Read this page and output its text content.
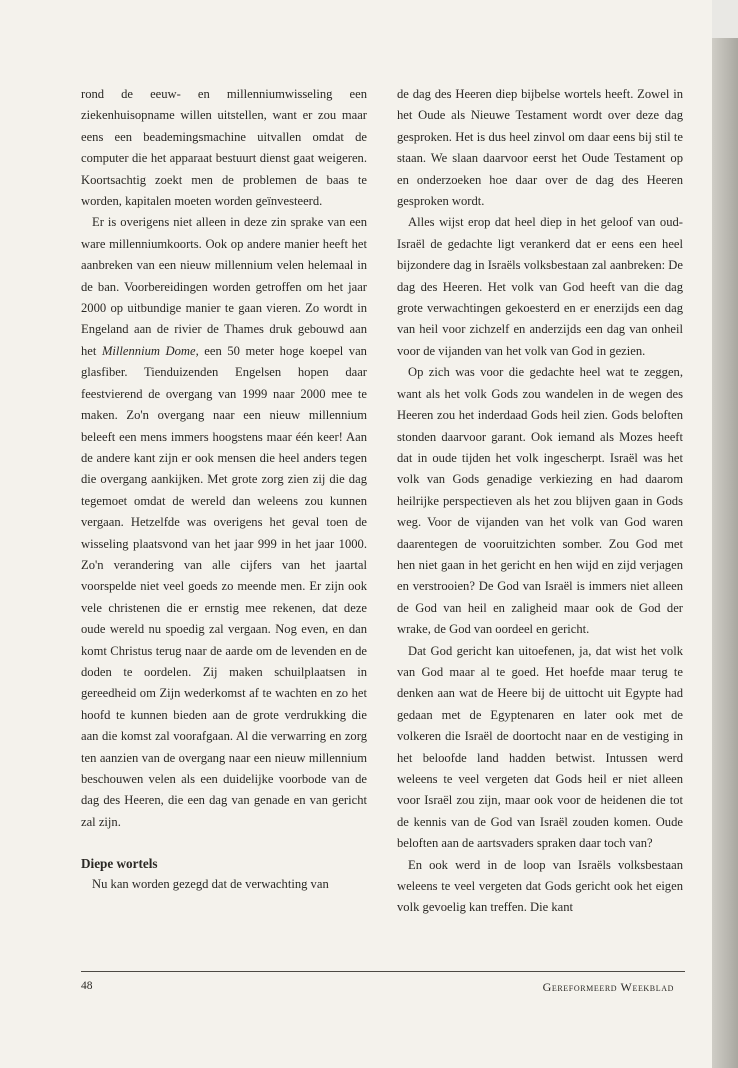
rond de eeuw- en millenniumwisseling een ziekenhuisopname willen uitstellen, want er zou maar eens een beademingsmachine uitvallen omdat de computer die het apparaat bestuurt dienst gaat weigeren. Koortsachtig zoekt men de problemen de baas te worden, kapitalen moeten worden geïnvesteerd.

Er is overigens niet alleen in deze zin sprake van een ware millenniumkoorts. Ook op andere manier heeft het aanbreken van een nieuw millennium velen helemaal in de ban. Voorbereidingen worden getroffen om het jaar 2000 op uitbundige manier te gaan vieren. Zo wordt in Engeland aan de rivier de Thames druk gebouwd aan het Millennium Dome, een 50 meter hoge koepel van glasfiber. Tienduizenden Engelsen hopen daar feestvierend de overgang van 1999 naar 2000 mee te maken. Zo'n overgang naar een nieuw millennium beleeft een mens immers hoogstens maar één keer! Aan de andere kant zijn er ook mensen die heel anders tegen die overgang aankijken. Met grote zorg zien zij die dag tegemoet omdat de wereld dan weleens zou kunnen vergaan. Hetzelfde was overigens het geval toen de wisseling plaatsvond van het jaar 999 in het jaar 1000. Zo'n verandering van alle cijfers van het jaartal voorspelde niet veel goeds zo meende men. Er zijn ook vele christenen die er ernstig mee rekenen, dat deze oude wereld nu spoedig zal vergaan. Nog even, en dan komt Christus terug naar de aarde om de levenden en de doden te oordelen. Zij maken schuilplaatsen in gereedheid om Zijn wederkomst af te wachten en zo het hoofd te kunnen bieden aan de grote verdrukking die aan die komst zal voorafgaan. Al die verwarring en zorg ten aanzien van de overgang naar een nieuw millennium beschouwen velen als een duidelijke voorbode van de dag des Heeren, die een dag van genade en van gericht zal zijn.

Diepe wortels

Nu kan worden gezegd dat de verwachting van

de dag des Heeren diep bijbelse wortels heeft. Zowel in het Oude als Nieuwe Testament wordt over deze dag gesproken. Het is dus heel zinvol om daar eens bij stil te staan. We slaan daarvoor eerst het Oude Testament op en onderzoeken hoe daar over de dag des Heeren gesproken wordt.

Alles wijst erop dat heel diep in het geloof van oud-Israël de gedachte ligt verankerd dat er eens een heel bijzondere dag in Israëls volksbestaan zal aanbreken: De dag des Heeren. Het volk van God heeft van die dag grote verwachtingen gekoesterd en er enerzijds een dag van heil voor zichzelf en anderzijds een dag van onheil voor de vijanden van het volk van God in gezien.

Op zich was voor die gedachte heel wat te zeggen, want als het volk Gods zou wandelen in de wegen des Heeren zou het inderdaad Gods heil zien. Gods beloften stonden daarvoor garant. Ook iemand als Mozes heeft dat in oude tijden het volk ingescherpt. Israël was het volk van Gods genadige verkiezing en had daarom heilrijke perspectieven als het zou blijven gaan in Gods weg. Voor de vijanden van het volk van God waren daarentegen de vooruitzichten somber. Zou God met hen niet gaan in het gericht en hen wijd en zijd verjagen en verstrooien? De God van Israël is immers niet alleen de God van heil en zaligheid maar ook de God der wrake, de God van oordeel en gericht.

Dat God gericht kan uitoefenen, ja, dat wist het volk van God maar al te goed. Het hoefde maar terug te denken aan wat de Heere bij de uittocht uit Egypte had gedaan met de Egyptenaren en later ook met de volkeren die Israël de doortocht naar en de vestiging in het beloofde land hadden betwist. Intussen werd weleens te veel vergeten dat Gods heil er niet alleen voor Israël zou zijn, maar ook voor de heidenen die tot de kennis van de God van Israël zouden komen. Oude beloften aan de aartsvaders spraken daar toch van?

En ook werd in de loop van Israëls volksbestaan weleens te veel vergeten dat Gods gericht ook het eigen volk gevoelig kan treffen. Die kant

48	Gereformeerd Weekblad
